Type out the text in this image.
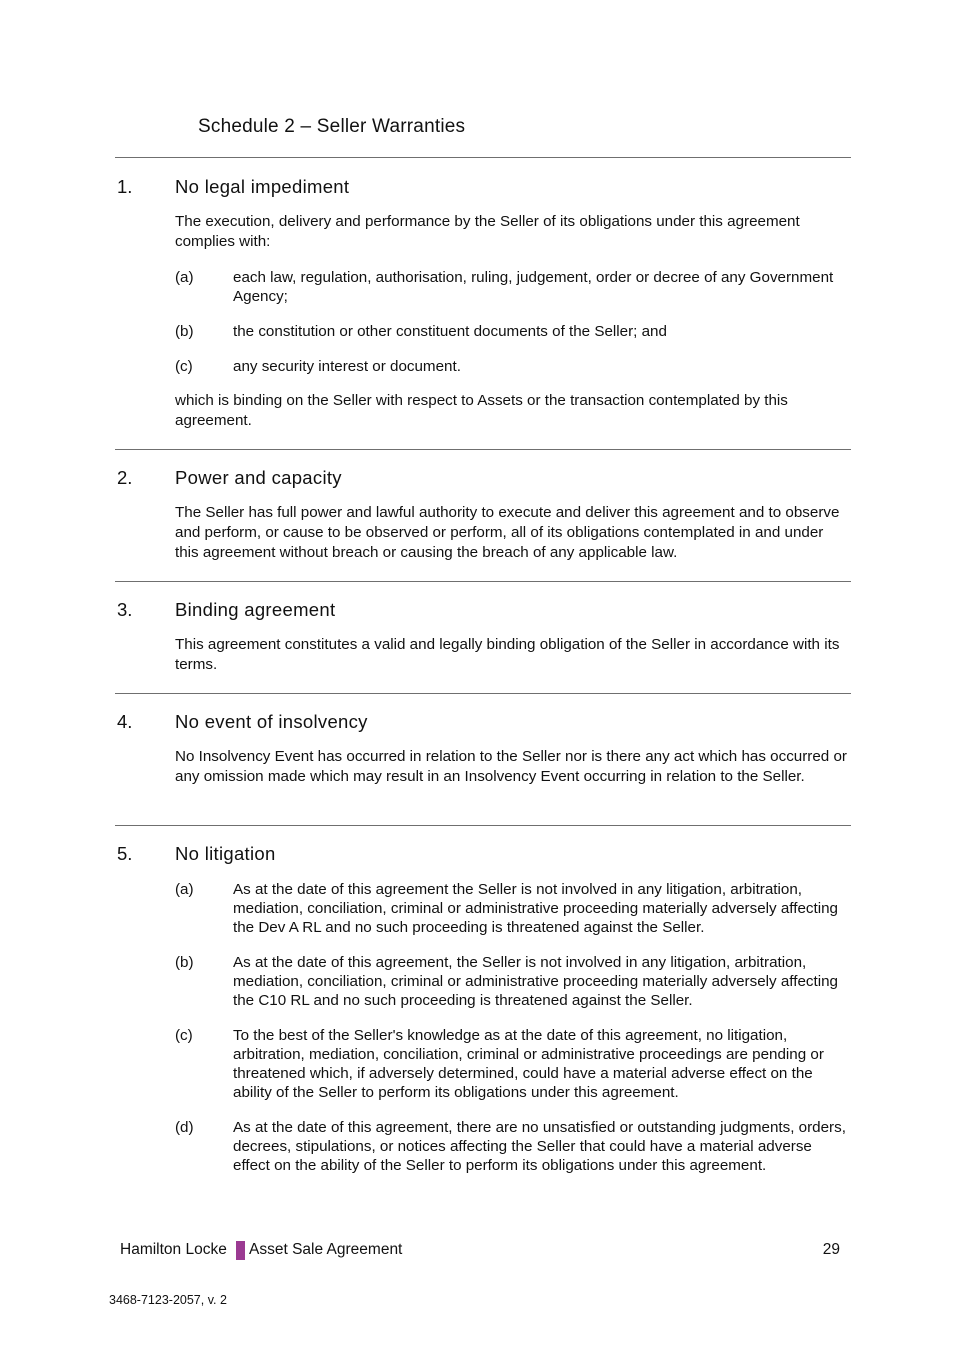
Schedule 2 – Seller Warranties
1. No legal impediment

The execution, delivery and performance by the Seller of its obligations under this agreement complies with:

(a)	each law, regulation, authorisation, ruling, judgement, order or decree of any Government Agency;
(b)	the constitution or other constituent documents of the Seller; and
(c)	any security interest or document.

which is binding on the Seller with respect to Assets or the transaction contemplated by this agreement.

2. Power and capacity

The Seller has full power and lawful authority to execute and deliver this agreement and to observe and perform, or cause to be observed or perform, all of its obligations contemplated in and under this agreement without breach or causing the breach of any applicable law.

3. Binding agreement

This agreement constitutes a valid and legally binding obligation of the Seller in accordance with its terms.

4. No event of insolvency

No Insolvency Event has occurred in relation to the Seller nor is there any act which has occurred or any omission made which may result in an Insolvency Event occurring in relation to the Seller.

5. No litigation
(a)	As at the date of this agreement the Seller is not involved in any litigation, arbitration, mediation, conciliation, criminal or administrative proceeding materially adversely affecting the Dev A RL and no such proceeding is threatened against the Seller.
(b)	As at the date of this agreement, the Seller is not involved in any litigation, arbitration, mediation, conciliation, criminal or administrative proceeding materially adversely affecting the C10 RL and no such proceeding is threatened against the Seller.
(c)	To the best of the Seller's knowledge as at the date of this agreement, no litigation, arbitration, mediation, conciliation, criminal or administrative proceedings are pending or threatened which, if adversely determined, could have a material adverse effect on the ability of the Seller to perform its obligations under this agreement.
(d)	As at the date of this agreement, there are no unsatisfied or outstanding judgments, orders, decrees, stipulations, or notices affecting the Seller that could have a material adverse effect on the ability of the Seller to perform its obligations under this agreement.
Hamilton Locke Asset Sale Agreement	29
3468-7123-2057, v. 2
